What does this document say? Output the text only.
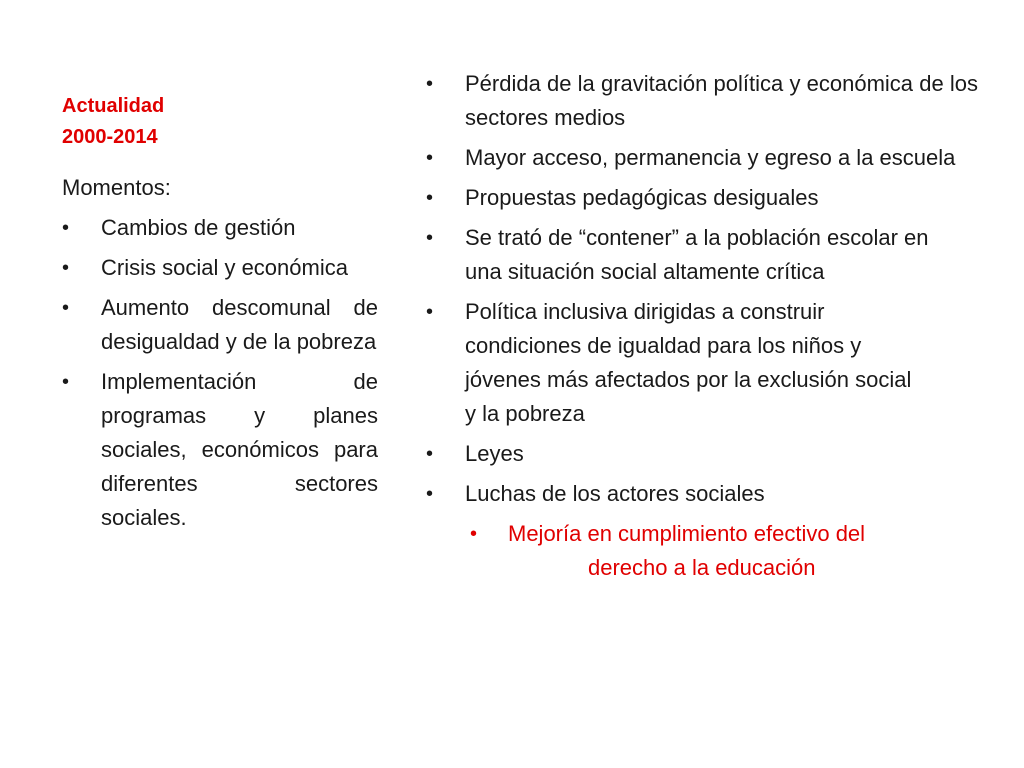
Actualidad
2000-2014
Momentos:
• Cambios de gestión
• Crisis social y económica
• Aumento descomunal de desigualdad y de la pobreza
• Implementación de programas y planes sociales, económicos para diferentes sectores sociales.
• Pérdida de la gravitación política y económica de los sectores medios
• Mayor acceso, permanencia y egreso a la escuela
• Propuestas pedagógicas desiguales
• Se trató de “contener” a la población escolar en una situación social altamente crítica
• Política inclusiva dirigidas a construir condiciones de igualdad para los niños y jóvenes más afectados por la exclusión social y la pobreza
• Leyes
• Luchas de los actores sociales
• Mejoría en cumplimiento efectivo del
derecho a la educación
